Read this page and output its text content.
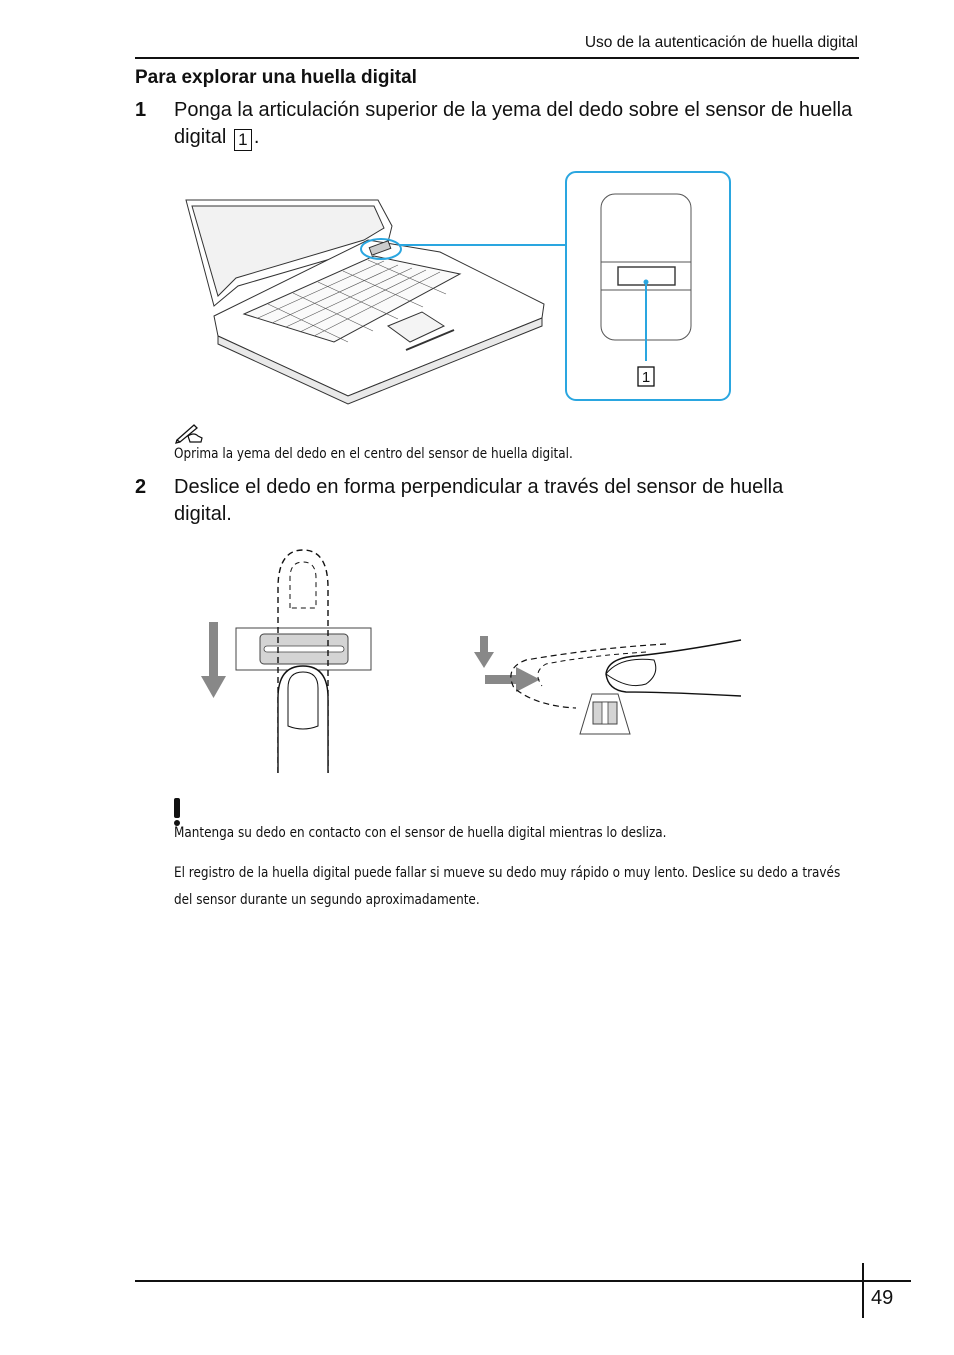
Uso de la autenticación de huella digital
Para explorar una huella digital
1 Ponga la articulación superior de la yema del dedo sobre el sensor de huella digital 1 .
1
Oprima la yema del dedo en el centro del sensor de huella digital.
2 Deslice el dedo en forma perpendicular a través del sensor de huella digital.
Mantenga su dedo en contacto con el sensor de huella digital mientras lo desliza.
El registro de la huella digital puede fallar si mueve su dedo muy rápido o muy lento. Deslice su dedo a través del sensor durante un segundo aproximadamente.
49
